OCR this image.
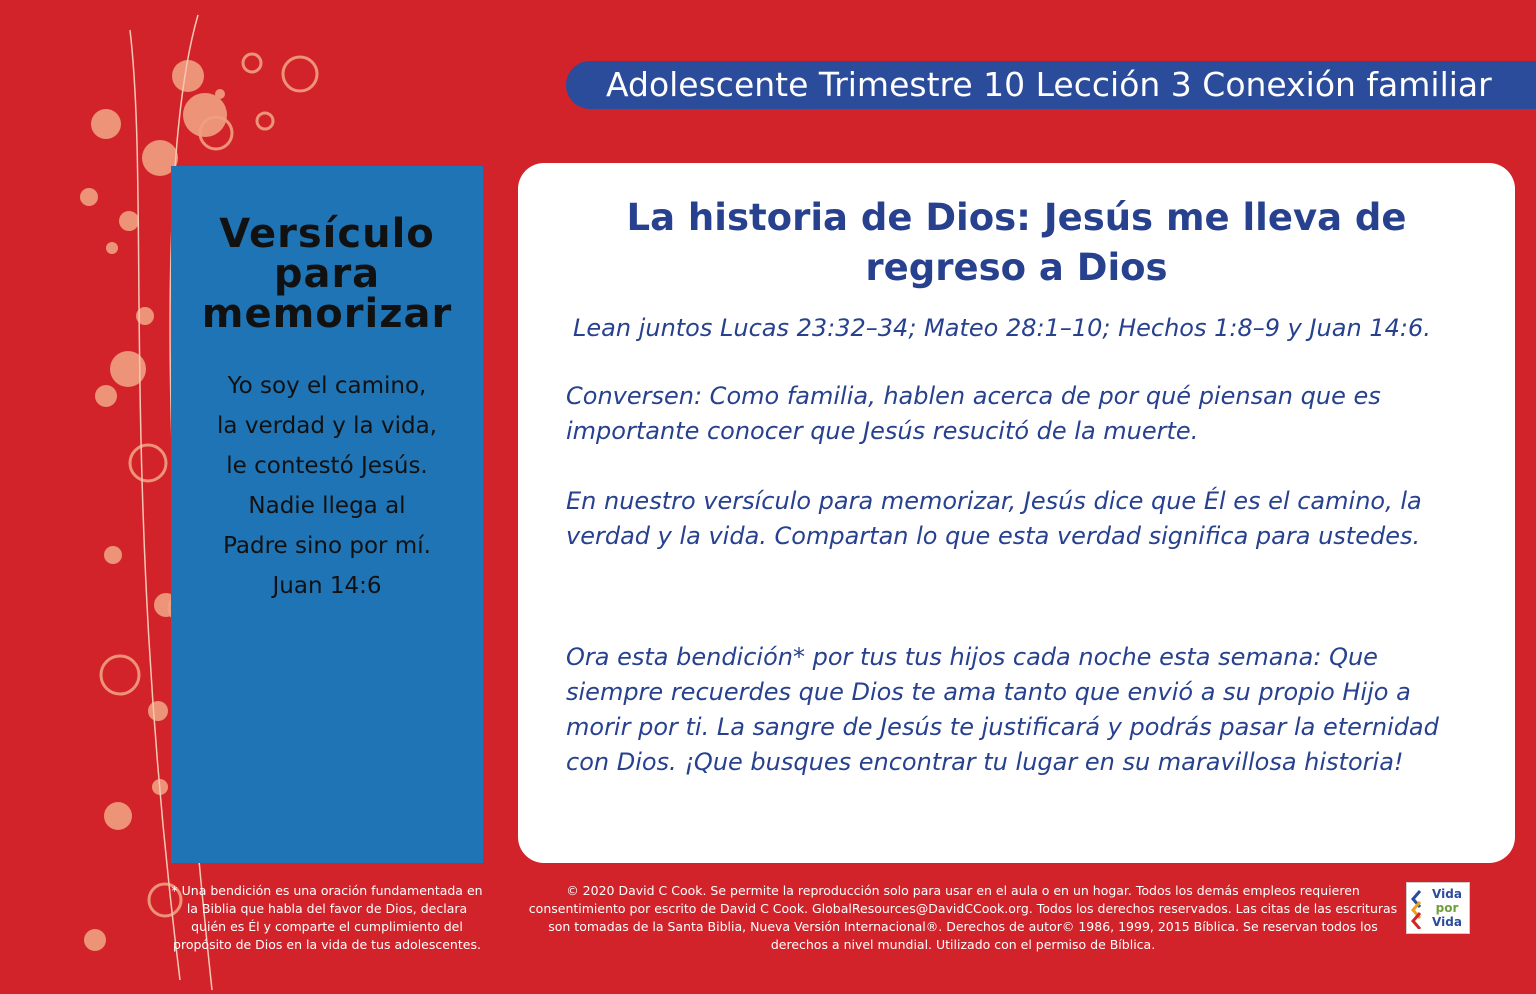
Adolescente Trimestre 10 Lección 3 Conexión familiar
Versículo
para
memorizar
Yo soy el camino,
la verdad y la vida,
le contestó Jesús.
Nadie llega al
Padre sino por mí.
Juan 14:6
La historia de Dios: Jesús me lleva de regreso a Dios
Lean juntos Lucas 23:32–34; Mateo 28:1–10; Hechos 1:8–9 y Juan 14:6.
Conversen: Como familia, hablen acerca de por qué piensan que es importante conocer que Jesús resucitó de la muerte.
En nuestro versículo para memorizar, Jesús dice que Él es el camino, la verdad y la vida. Compartan lo que esta verdad significa para ustedes.
Ora esta bendición* por tus tus hijos cada noche esta semana: Que siempre recuerdes que Dios te ama tanto que envió a su propio Hijo a morir por ti. La sangre de Jesús te justificará y podrás pasar la eternidad con Dios. ¡Que busques encontrar tu lugar en su maravillosa historia!
* Una bendición es una oración fundamentada en la Biblia que habla del favor de Dios, declara quién es Él y comparte el cumplimiento del propósito de Dios en la vida de tus adolescentes.
© 2020 David C Cook. Se permite la reproducción solo para usar en el aula o en un hogar. Todos los demás empleos requieren consentimiento por escrito de David C Cook. GlobalResources@DavidCCook.org. Todos los derechos reservados. Las citas de las escrituras son tomadas de la Santa Biblia, Nueva Versión Internacional®. Derechos de autor© 1986, 1999, 2015 Bíblica. Se reservan todos los derechos a nivel mundial. Utilizado con el permiso de Bíblica.
Vida
por
Vida
